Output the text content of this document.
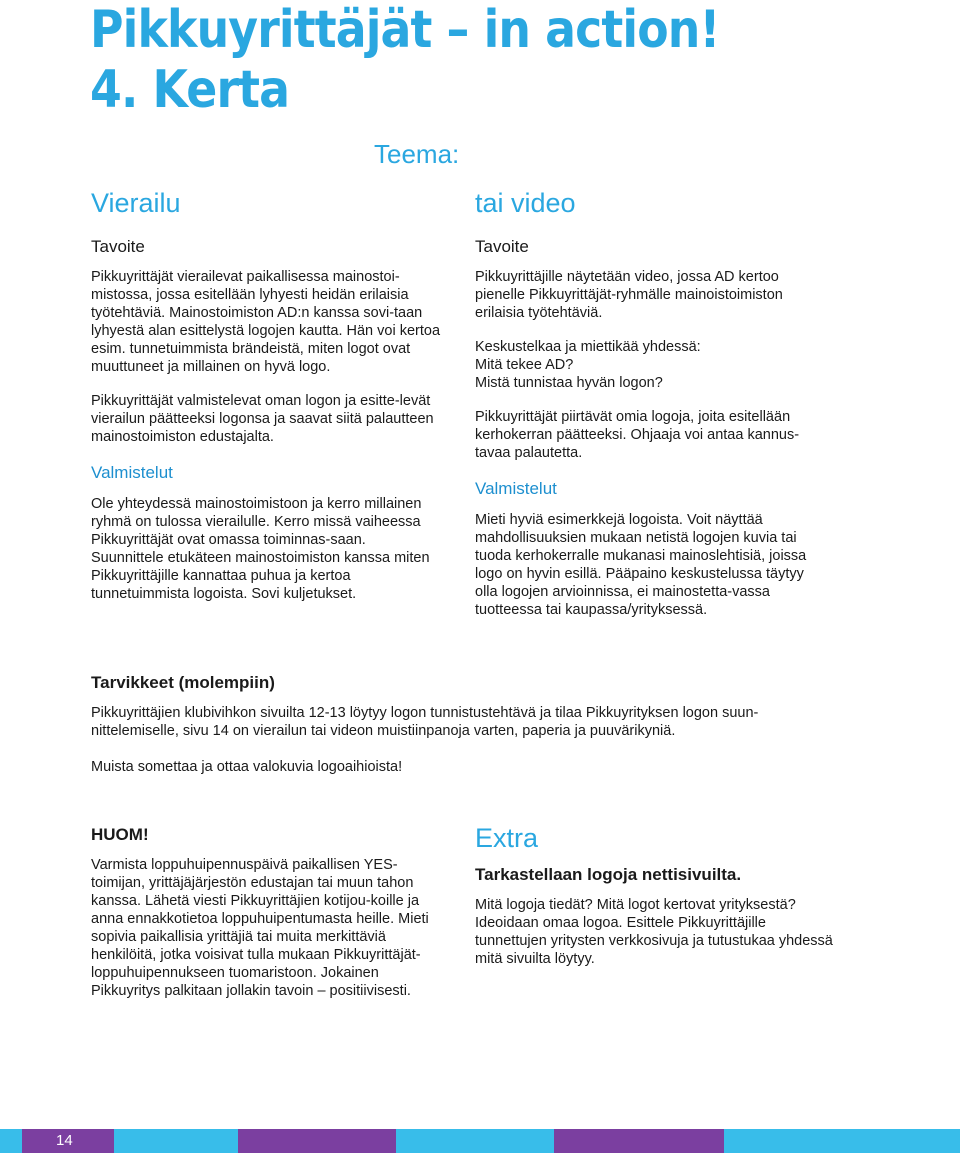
Pikkuyrittäjät – in action!
4. Kerta
Teema:
Vierailu
Tavoite

Pikkuyrittäjät vierailevat paikallisessa mainostoi-mistossa, jossa esitellään lyhyesti heidän erilaisia työtehtäviä. Mainostoimiston AD:n kanssa sovi-taan lyhyestä alan esittelystä logojen kautta. Hän voi kertoa esim. tunnetuimmista brändeistä, miten logot ovat muuttuneet ja millainen on hyvä logo.

Pikkuyrittäjät valmistelevat oman logon ja esitte-levät vierailun päätteeksi logonsa ja saavat siitä palautteen mainostoimiston edustajalta.

Valmistelut

Ole yhteydessä mainostoimistoon ja kerro millainen ryhmä on tulossa vierailulle. Kerro missä vaiheessa Pikkuyrittäjät ovat omassa toiminnas-saan. Suunnittele etukäteen mainostoimiston kanssa miten Pikkuyrittäjille kannattaa puhua ja kertoa tunnetuimmista logoista. Sovi kuljetukset.

tai video
Tavoite

Pikkuyrittäjille näytetään video, jossa AD kertoo pienelle Pikkuyrittäjät-ryhmälle mainoistoimiston erilaisia työtehtäviä.

Keskustelkaa ja miettikää yhdessä:
Mitä tekee AD?
Mistä tunnistaa hyvän logon?

Pikkuyrittäjät piirtävät omia logoja, joita esitellään kerhokerran päätteeksi. Ohjaaja voi antaa kannus-tavaa palautetta.

Valmistelut

Mieti hyviä esimerkkejä logoista. Voit näyttää mahdollisuuksien mukaan netistä logojen kuvia tai tuoda kerhokerralle mukanasi mainoslehtisiä, joissa logo on hyvin esillä. Pääpaino keskustelussa täytyy olla logojen arvioinnissa, ei mainostetta-vassa tuotteessa tai kaupassa/yrityksessä.

Tarvikkeet (molempiin)

Pikkuyrittäjien klubivihkon sivuilta 12-13 löytyy logon tunnistustehtävä ja tilaa Pikkuyrityksen logon suun-nittelemiselle, sivu 14 on vierailun tai videon muistiinpanoja varten, paperia ja puuvärikyniä.

Muista somettaa ja ottaa valokuvia logoaihioista!

HUOM!

Varmista loppuhuipennuspäivä paikallisen YES-toimijan, yrittäjäjärjestön edustajan tai muun tahon kanssa. Lähetä viesti Pikkuyrittäjien kotijou-koille ja anna ennakkotietoa loppuhuipentumasta heille. Mieti sopivia paikallisia yrittäjiä tai muita merkittäviä henkilöitä, jotka voisivat tulla mukaan Pikkuyrittäjät-loppuhuipennukseen tuomaristoon. Jokainen Pikkuyritys palkitaan jollakin tavoin – positiivisesti.

Extra
Tarkastellaan logoja nettisivuilta.

Mitä logoja tiedät? Mitä logot kertovat yrityksestä? Ideoidaan omaa logoa. Esittele Pikkuyrittäjille tunnettujen yritysten verkkosivuja ja tutustukaa yhdessä mitä sivuilta löytyy.

14
